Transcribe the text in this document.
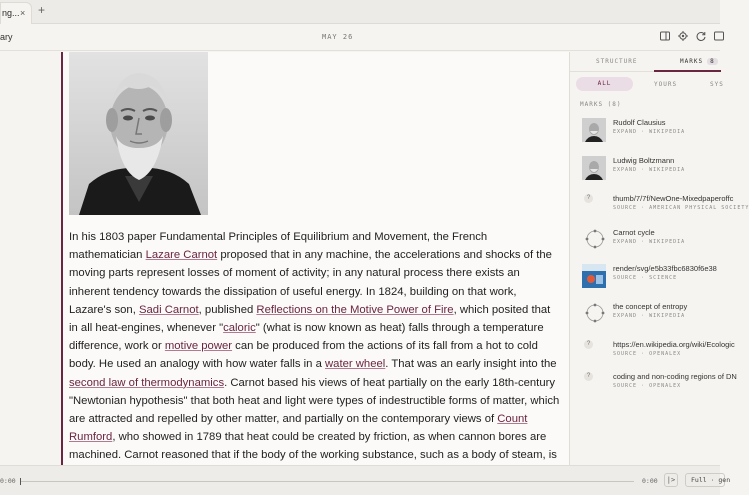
ng... × +
ary	MAY 26
In his 1803 paper Fundamental Principles of Equilibrium and Movement, the French mathematician Lazare Carnot proposed that in any machine, the accelerations and shocks of the moving parts represent losses of moment of activity; in any natural process there exists an inherent tendency towards the dissipation of useful energy. In 1824, building on that work, Lazare's son, Sadi Carnot, published Reflections on the Motive Power of Fire, which posited that in all heat-engines, whenever "caloric" (what is now known as heat) falls through a temperature difference, work or motive power can be produced from the actions of its fall from a hot to cold body. He used an analogy with how water falls in a water wheel. That was an early insight into the second law of thermodynamics. Carnot based his views of heat partially on the early 18th-century "Newtonian hypothesis" that both heat and light were types of indestructible forms of matter, which are attracted and repelled by other matter, and partially on the contemporary views of Count Rumford, who showed in 1789 that heat could be created by friction, as when cannon bores are machined. Carnot reasoned that if the body of the working substance, such as a body of steam, is
STRUCTURE	MARKS 8
ALL	YOURS	SYS
MARKS (8)
Rudolf Clausius
EXPAND · WIKIPEDIA
Ludwig Boltzmann
EXPAND · WIKIPEDIA
?	thumb/7/7f/NewOne-Mixedpaperoffc
SOURCE · AMERICAN PHYSICAL SOCIETY
Carnot cycle
EXPAND · WIKIPEDIA
render/svg/e5b33fbc6830f6e38
SOURCE · SCIENCE
the concept of entropy
EXPAND · WIKIPEDIA
?	https://en.wikipedia.org/wiki/Ecologic
SOURCE · OPENALEX
?	coding and non-coding regions of DN
SOURCE · OPENALEX
0:00	0:00	|>	Full · gen
